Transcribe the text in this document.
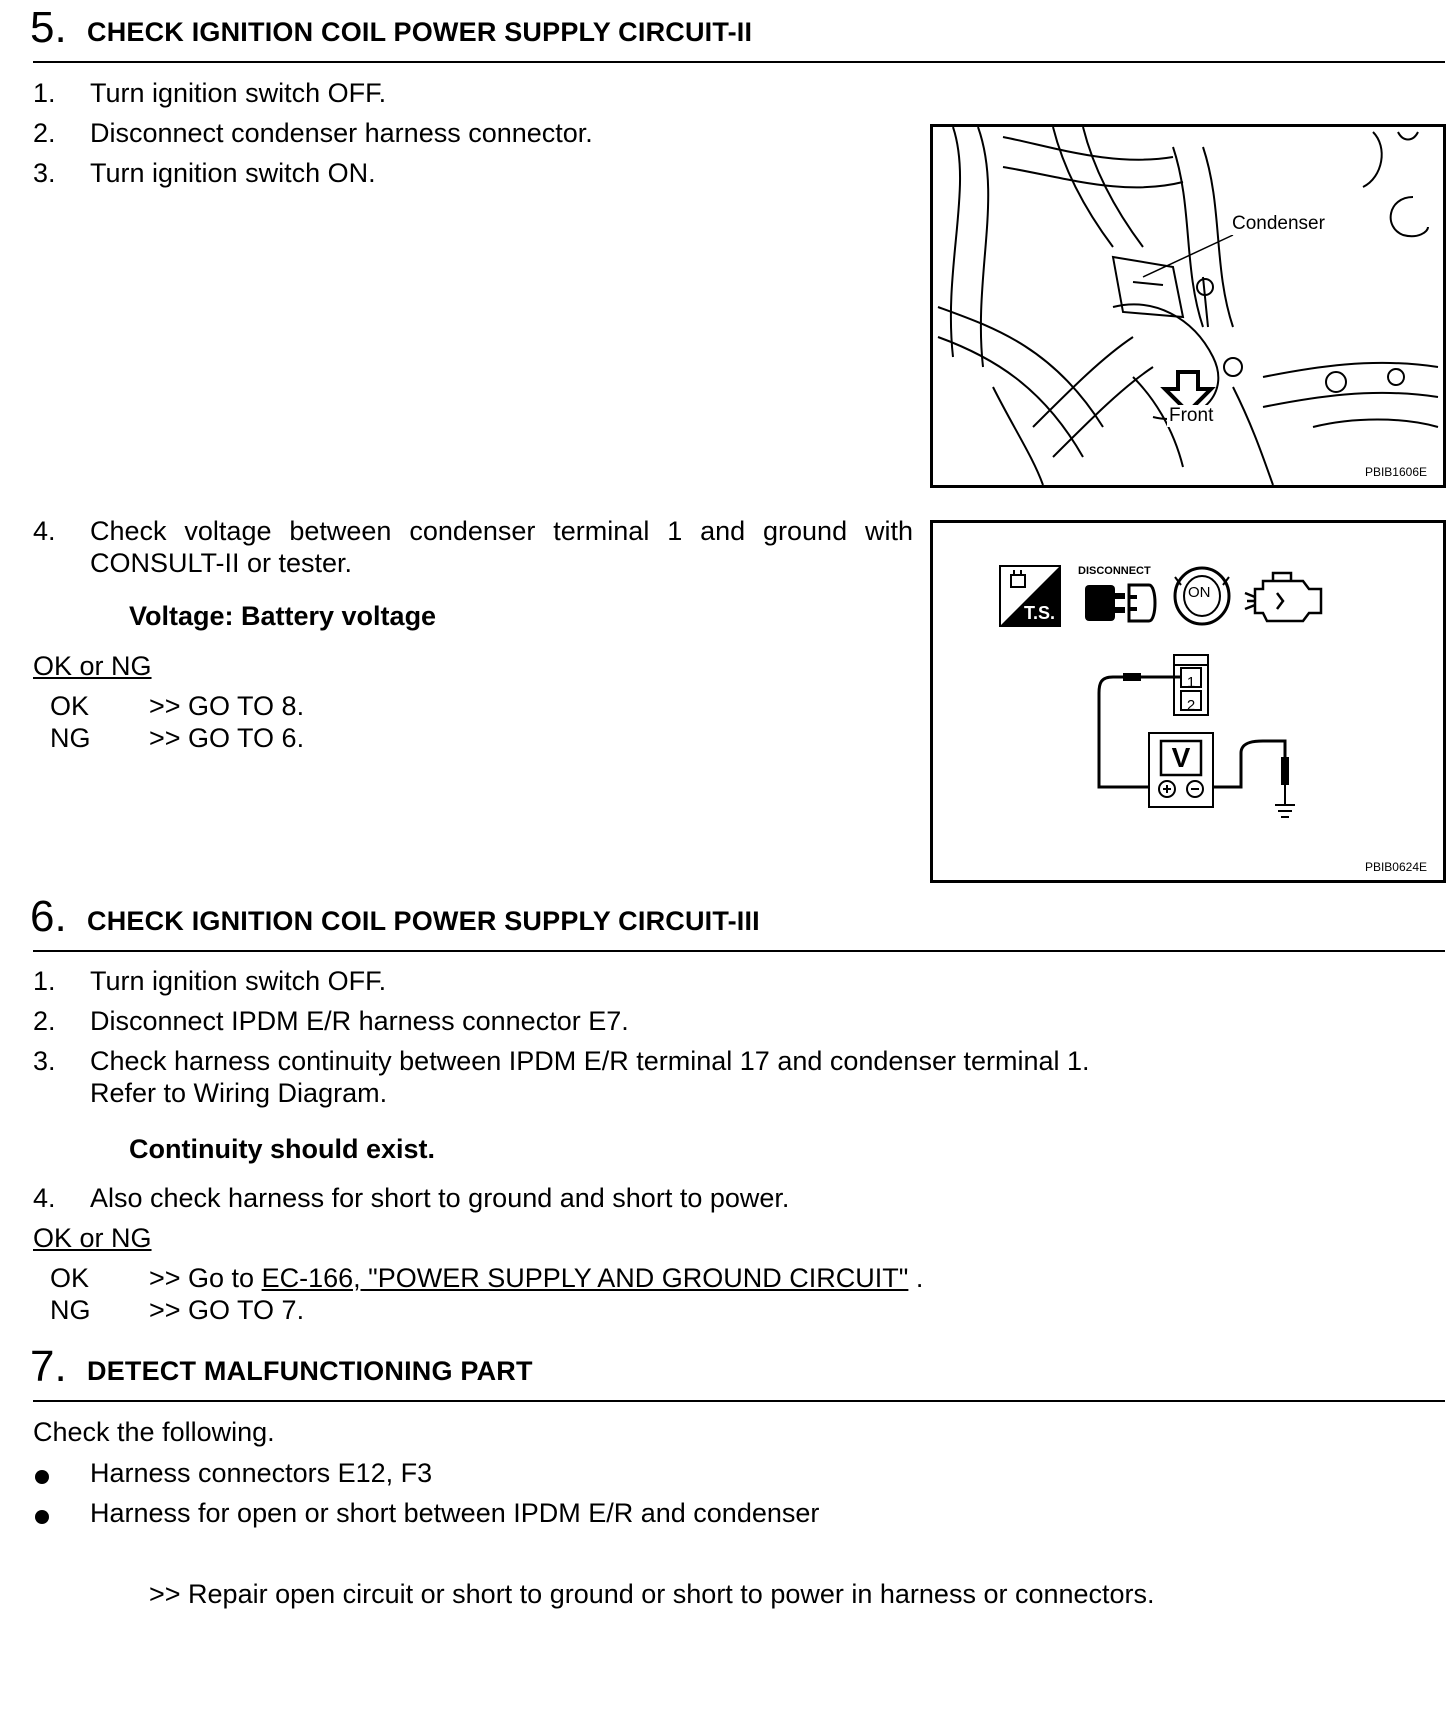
5. CHECK IGNITION COIL POWER SUPPLY CIRCUIT-II
1. Turn ignition switch OFF.
2. Disconnect condenser harness connector.
3. Turn ignition switch ON.
Condenser
Front
PBIB1606E
4. Check voltage between condenser terminal 1 and ground with
CONSULT-II or tester.
Voltage: Battery voltage
OK or NG
OK >> GO TO 8.
NG >> GO TO 6.
T.S.
DISCONNECT
ON
1
2
V
PBIB0624E
6. CHECK IGNITION COIL POWER SUPPLY CIRCUIT-III
1. Turn ignition switch OFF.
2. Disconnect IPDM E/R harness connector E7.
3. Check harness continuity between IPDM E/R terminal 17 and condenser terminal 1.
Refer to Wiring Diagram.
Continuity should exist.
4. Also check harness for short to ground and short to power.
OK or NG
OK >> Go to EC-166, "POWER SUPPLY AND GROUND CIRCUIT" .
NG >> GO TO 7.
7. DETECT MALFUNCTIONING PART
Check the following.
Harness connectors E12, F3
Harness for open or short between IPDM E/R and condenser
>> Repair open circuit or short to ground or short to power in harness or connectors.
